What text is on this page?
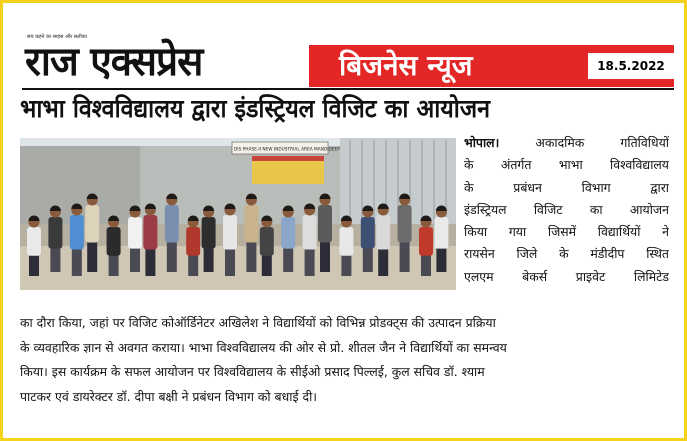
सच कहने का साहस और सलीका
राज एक्सप्रेस	बिजनेस न्यूज	18.5.2022
भाभा विश्वविद्यालय द्वारा इंडस्ट्रियल विजिट का आयोजन
DIS PHASE-II NEW INDUSTRIAL AREA MANDIDEEP	भोपाल। अकादमिक गतिविधियों
के अंतर्गत भाभा विश्वविद्यालय
के प्रबंधन विभाग द्वारा
इंडस्ट्रियल विजिट का आयोजन
किया गया जिसमें विद्यार्थियों ने
रायसेन जिले के मंडीदीप स्थित
एलएम बेकर्स प्राइवेट लिमिटेड
का दौरा किया, जहां पर विजिट कोऑर्डिनेटर अखिलेश ने विद्यार्थियों को विभिन्न प्रोडक्ट्स की उत्पादन प्रक्रिया
के व्यवहारिक ज्ञान से अवगत कराया। भाभा विश्वविद्यालय की ओर से प्रो. शीतल जैन ने विद्यार्थियों का समन्वय
किया। इस कार्यक्रम के सफल आयोजन पर विश्वविद्यालय के सीईओ प्रसाद पिल्लई, कुल सचिव डॉ. श्याम
पाटकर एवं डायरेक्टर डॉ. दीपा बक्षी ने प्रबंधन विभाग को बधाई दी।
